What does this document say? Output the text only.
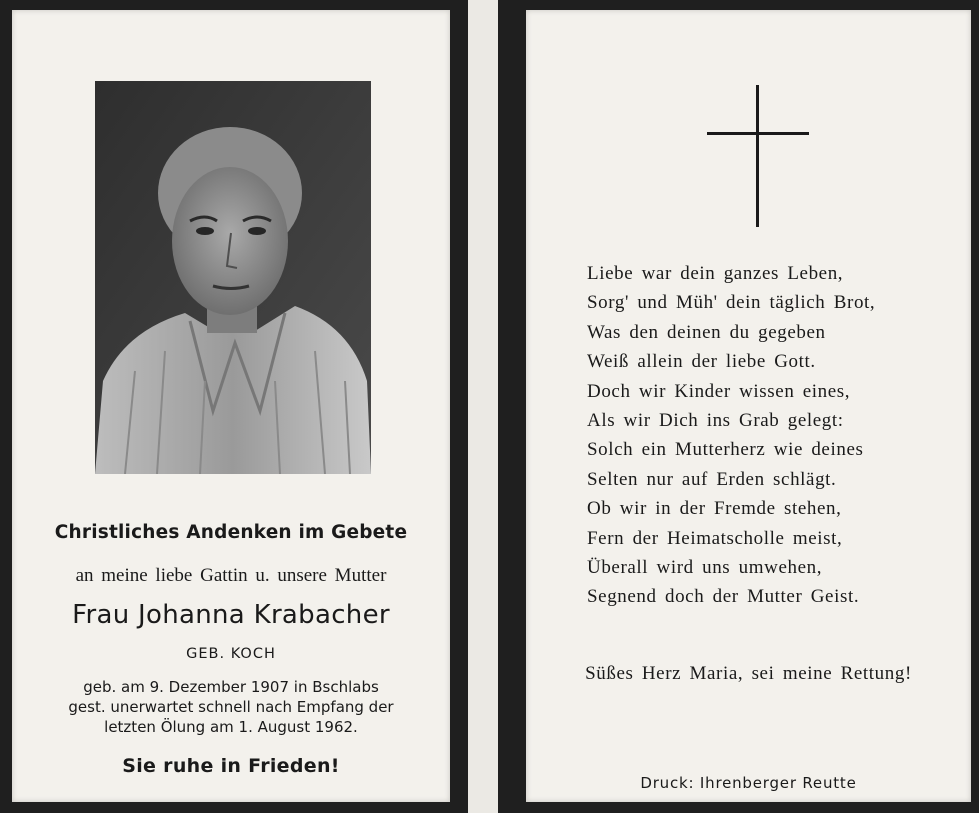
Christliches Andenken im Gebete
an meine liebe Gattin u. unsere Mutter
Frau Johanna Krabacher
GEB. KOCH
geb. am 9. Dezember 1907 in Bschlabs
gest. unerwartet schnell nach Empfang der
letzten Ölung am 1. August 1962.
Sie ruhe in Frieden!
Liebe war dein ganzes Leben,
Sorg' und Müh' dein täglich Brot,
Was den deinen du gegeben
Weiß allein der liebe Gott.
Doch wir Kinder wissen eines,
Als wir Dich ins Grab gelegt:
Solch ein Mutterherz wie deines
Selten nur auf Erden schlägt.
Ob wir in der Fremde stehen,
Fern der Heimatscholle meist,
Überall wird uns umwehen,
Segnend doch der Mutter Geist.
Süßes Herz Maria, sei meine Rettung!
Druck: Ihrenberger Reutte
